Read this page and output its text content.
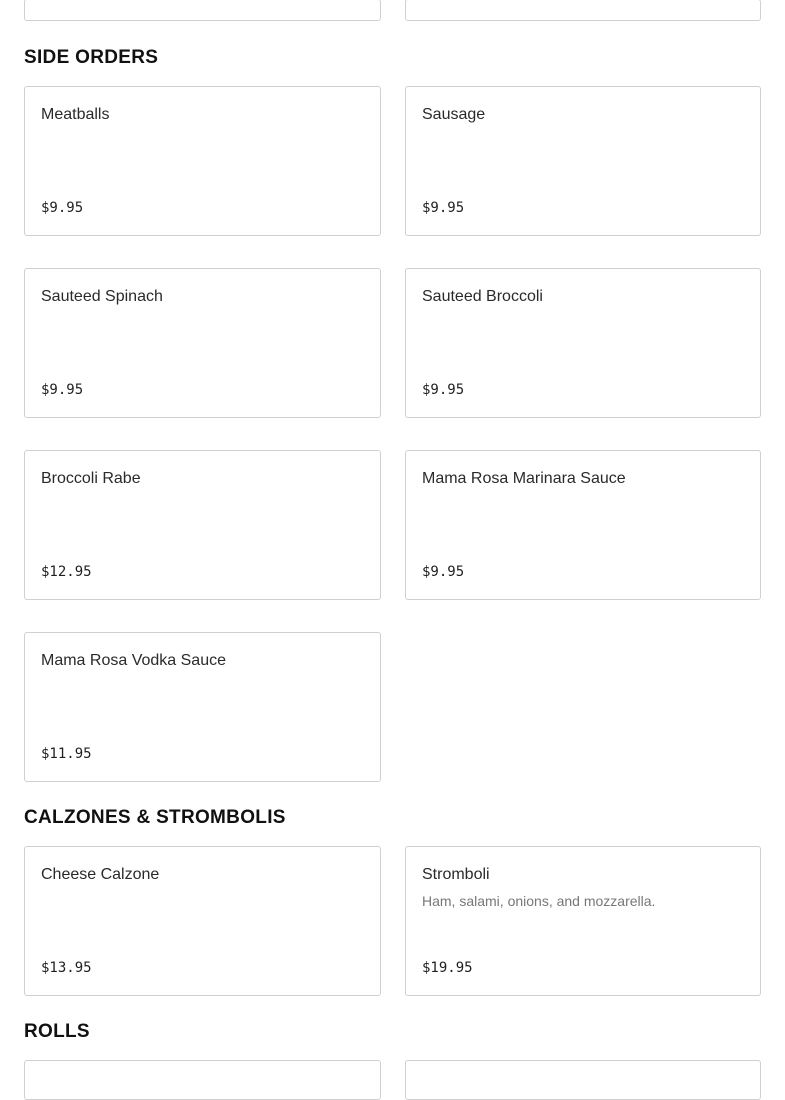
SIDE ORDERS
Meatballs
$9.95
Sausage
$9.95
Sauteed Spinach
$9.95
Sauteed Broccoli
$9.95
Broccoli Rabe
$12.95
Mama Rosa Marinara Sauce
$9.95
Mama Rosa Vodka Sauce
$11.95
CALZONES & STROMBOLIS
Cheese Calzone
$13.95
Stromboli
Ham, salami, onions, and mozzarella.
$19.95
ROLLS
